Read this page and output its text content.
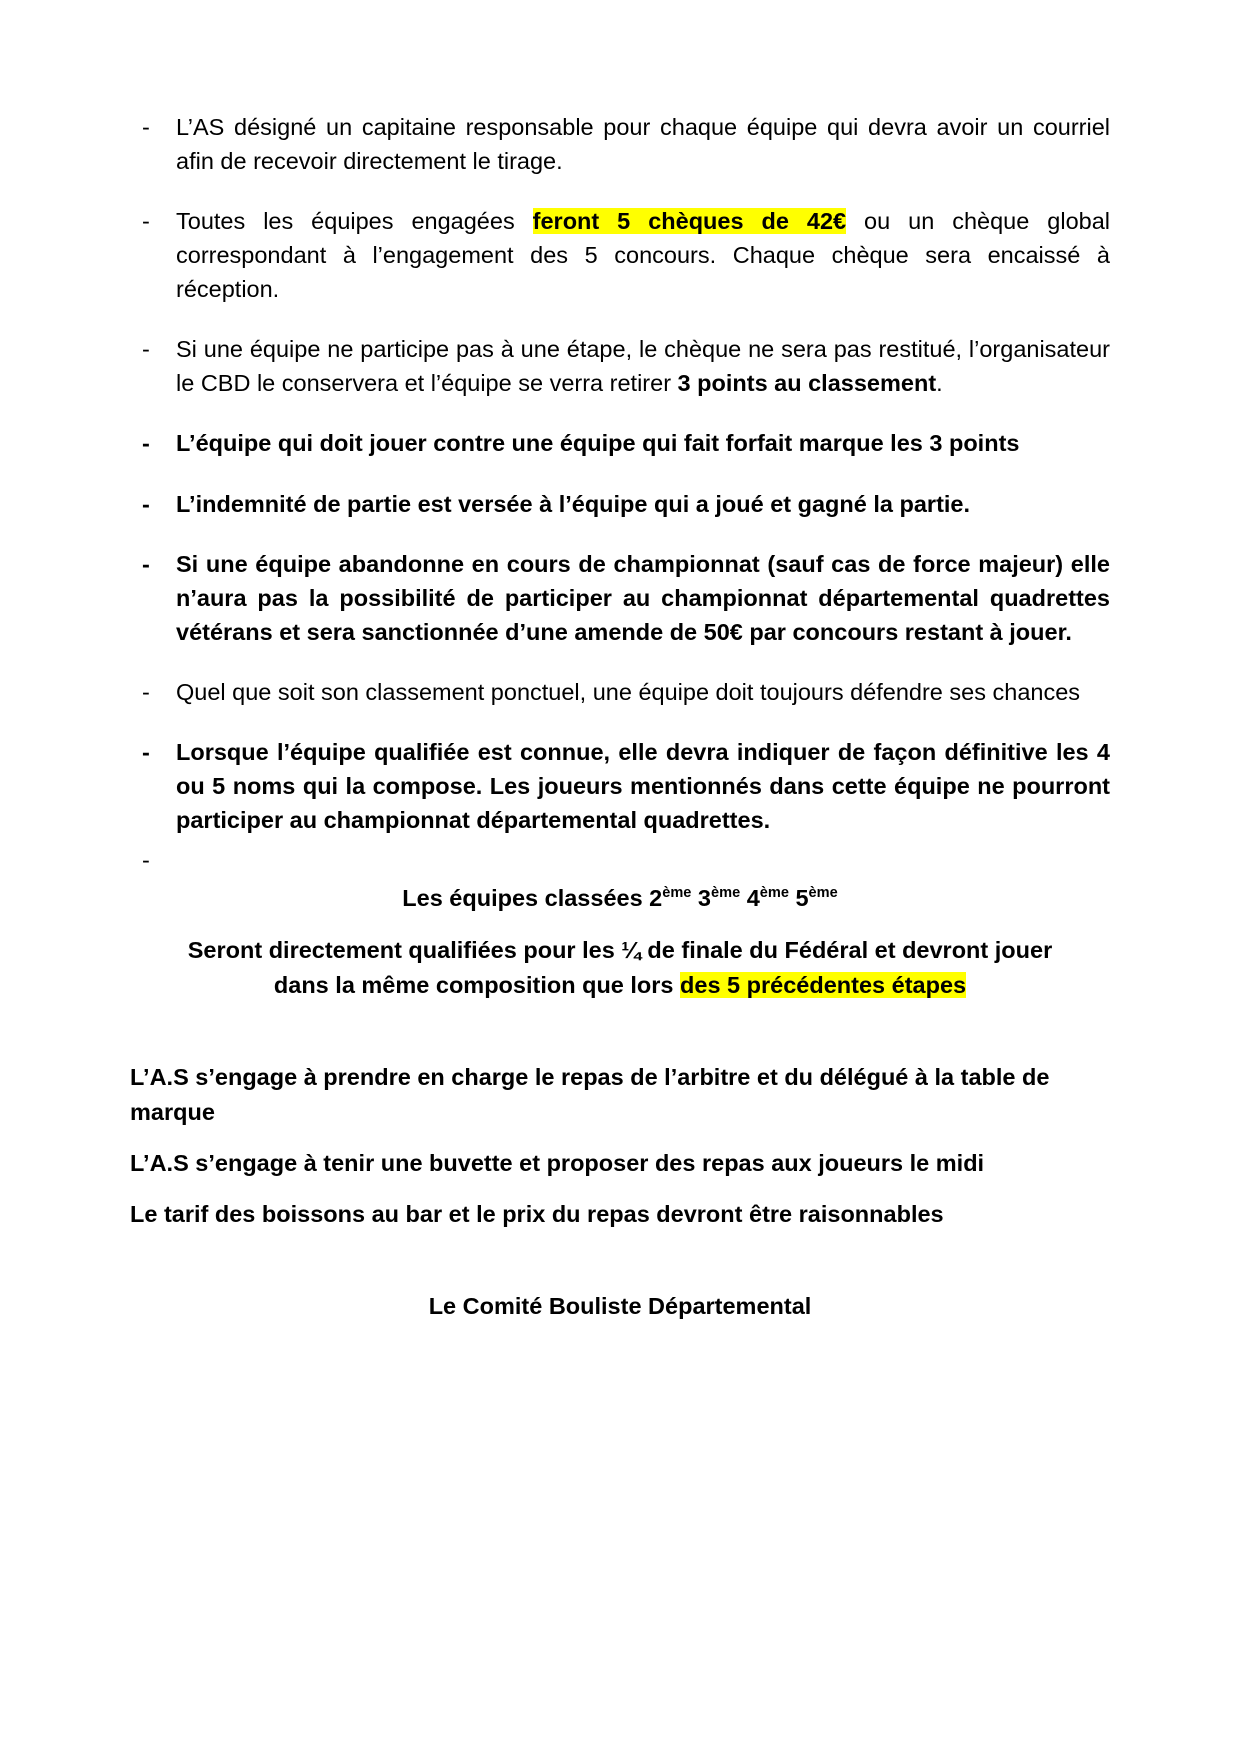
-	L’AS désigné un capitaine responsable pour chaque équipe qui devra avoir un courriel afin de recevoir directement le tirage.
-	Toutes les équipes engagées feront 5 chèques de 42€ ou un chèque global correspondant à l’engagement des 5 concours. Chaque chèque sera encaissé à réception.
-	Si une équipe ne participe pas à une étape, le chèque ne sera pas restitué, l’organisateur le CBD le conservera et l’équipe se verra retirer 3 points au classement.
-	L’équipe qui doit jouer contre une équipe qui fait forfait marque les 3 points
-	L’indemnité de partie est versée à l’équipe qui a joué et gagné la partie.
-	Si une équipe abandonne en cours de championnat (sauf cas de force majeur) elle n’aura pas la possibilité de participer au championnat départemental quadrettes vétérans et sera sanctionnée d’une amende de 50€ par concours restant à jouer.
-	Quel que soit son classement ponctuel, une équipe doit toujours défendre ses chances
-	Lorsque l’équipe qualifiée est connue, elle devra indiquer de façon définitive les 4 ou 5 noms qui la compose. Les joueurs mentionnés dans cette équipe ne pourront participer au championnat départemental quadrettes.
-
Les équipes classées 2ème 3ème 4ème 5ème
Seront directement qualifiées pour les ¼ de finale du Fédéral et devront jouer dans la même composition que lors des 5 précédentes étapes

L’A.S s’engage à prendre en charge le repas de l’arbitre et du délégué à la table de marque

L’A.S s’engage à tenir une buvette et proposer des repas aux joueurs le midi

Le tarif des boissons au bar et le prix du repas devront être raisonnables

Le Comité Bouliste Départemental
